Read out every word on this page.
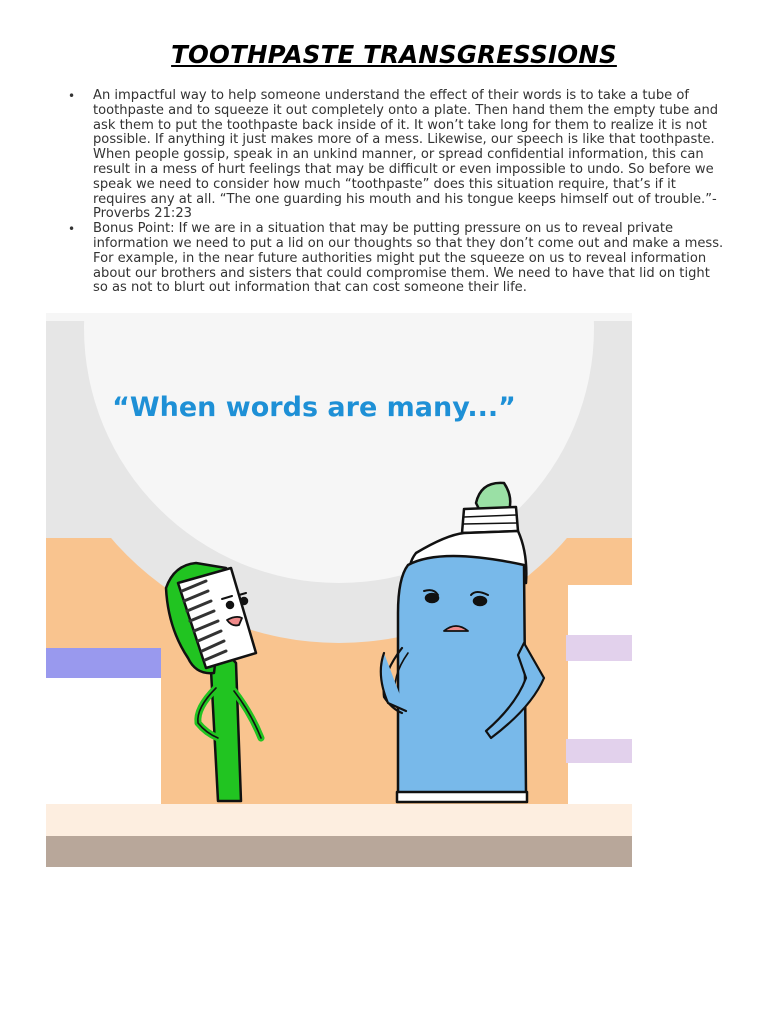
TOOTHPASTE TRANSGRESSIONS
• An impactful way to help someone understand the effect of their words is to take a tube of toothpaste and to squeeze it out completely onto a plate. Then hand them the empty tube and ask them to put the toothpaste back inside of it. It won’t take long for them to realize it is not possible. If anything it just makes more of a mess. Likewise, our speech is like that toothpaste. When people gossip, speak in an unkind manner, or spread confidential information, this can result in a mess of hurt feelings that may be difficult or even impossible to undo. So before we speak we need to consider how much “toothpaste” does this situation require, that’s if it requires any at all. “The one guarding his mouth and his tongue keeps himself out of trouble.”-Proverbs 21:23
• Bonus Point: If we are in a situation that may be putting pressure on us to reveal private information we need to put a lid on our thoughts so that they don’t come out and make a mess. For example, in the near future authorities might put the squeeze on us to reveal information about our brothers and sisters that could compromise them. We need to have that lid on tight so as not to blurt out information that can cost someone their life.
“When words are many...”
